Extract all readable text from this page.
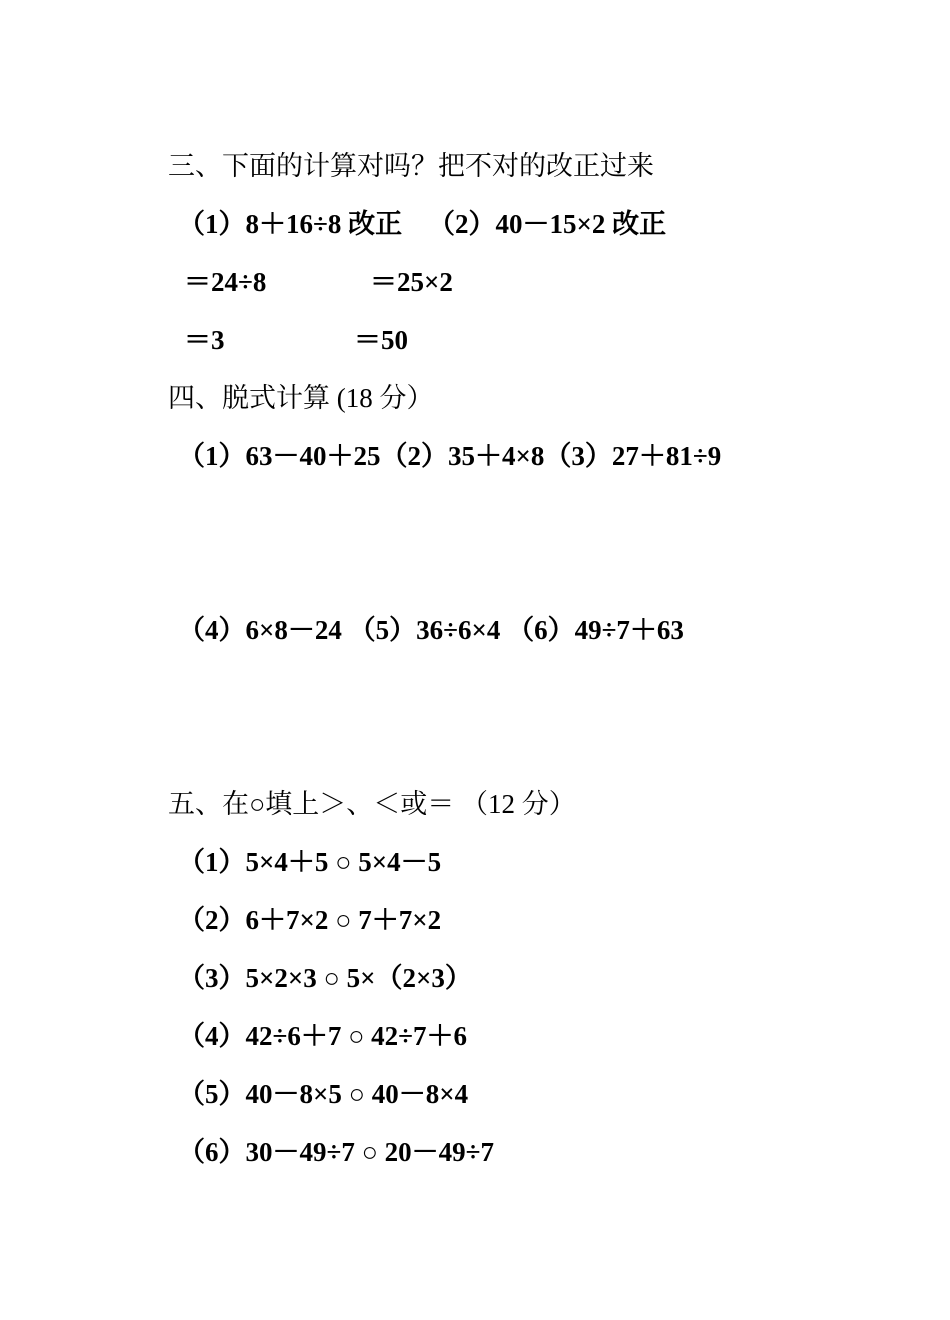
三、下面的计算对吗？把不对的改正过来
（1）8＋16÷8 改正 （2）40－15×2 改正
＝24÷8	＝25×2
＝3	＝50
四、脱式计算 (18 分）
（1）63－40＋25（2）35＋4×8（3）27＋81÷9
（4）6×8－24 （5）36÷6×4 （6）49÷7＋63
五、在○填上＞、＜或＝ （12 分）
（1）5×4＋5 ○ 5×4－5
（2）6＋7×2 ○ 7＋7×2
（3）5×2×3 ○ 5×（2×3）
（4）42÷6＋7 ○ 42÷7＋6
（5）40－8×5 ○ 40－8×4
（6）30－49÷7 ○ 20－49÷7
